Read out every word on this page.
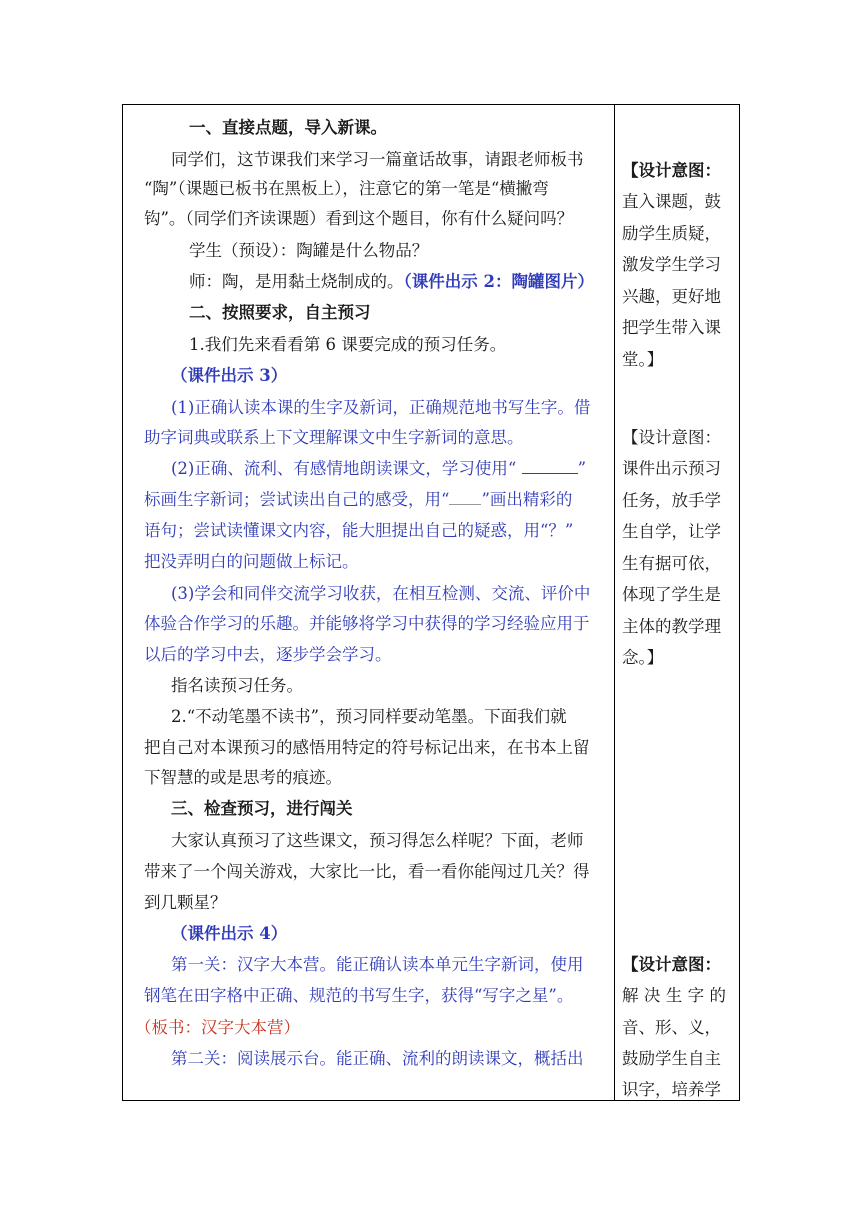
一、直接点题，导入新课。
同学们，这节课我们来学习一篇童话故事，请跟老师板书
“陶”（课题已板书在黑板上），注意它的第一笔是“横撇弯
钩”。（同学们齐读课题）看到这个题目，你有什么疑问吗？
学生（预设）：陶罐是什么物品？
师：陶，是用黏土烧制成的。（课件出示 2：陶罐图片）
二、按照要求，自主预习
1.我们先来看看第 6 课要完成的预习任务。
（课件出示 3）
(1)正确认读本课的生字及新词，正确规范地书写生字。借
助字词典或联系上下文理解课文中生字新词的意思。
(2)正确、流利、有感情地朗读课文，学习使用“	”
标画生字新词；尝试读出自己的感受，用“ ”画出精彩的
语句；尝试读懂课文内容，能大胆提出自己的疑惑，用“？”
把没弄明白的问题做上标记。
(3)学会和同伴交流学习收获，在相互检测、交流、评价中
体验合作学习的乐趣。并能够将学习中获得的学习经验应用于
以后的学习中去，逐步学会学习。
指名读预习任务。
2.“不动笔墨不读书”，预习同样要动笔墨。下面我们就
把自己对本课预习的感悟用特定的符号标记出来，在书本上留
下智慧的或是思考的痕迹。
三、检查预习，进行闯关
大家认真预习了这些课文，预习得怎么样呢？下面，老师
带来了一个闯关游戏，大家比一比，看一看你能闯过几关？得
到几颗星？
（课件出示 4）
第一关：汉字大本营。能正确认读本单元生字新词，使用
钢笔在田字格中正确、规范的书写生字，获得“写字之星”。
（板书：汉字大本营）
第二关：阅读展示台。能正确、流利的朗读课文，概括出
【设计意图：
直入课题，鼓
励学生质疑，
激发学生学习
兴趣，更好地
把学生带入课
堂。】
【设计意图：
课件出示预习
任务，放手学
生自学，让学
生有据可依，
体现了学生是
主体的教学理
念。】
【设计意图：
解决生字的
音、形、义，
鼓励学生自主
识字，培养学
